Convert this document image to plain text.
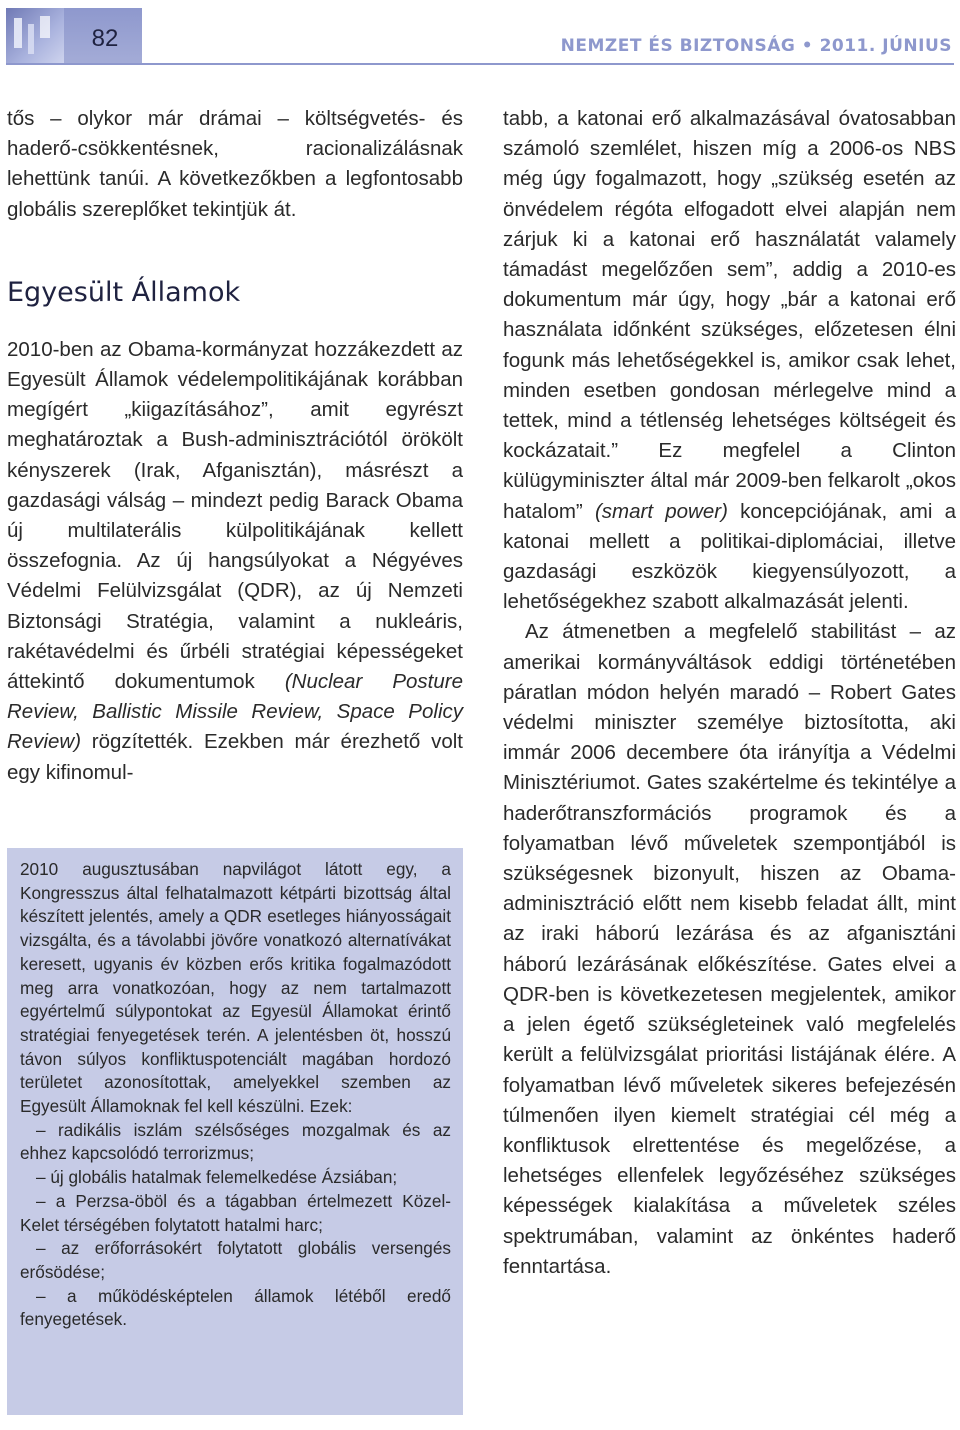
82	NEMZET ÉS BIZTONSÁG • 2011. JÚNIUS

tős – olykor már drámai – költségvetés- és haderő-csökkentésnek, racionalizálásnak lehettünk tanúi. A következőkben a legfontosabb globális szereplőket tekintjük át.

Egyesült Államok

2010-ben az Obama-kormányzat hozzákezdett az Egyesült Államok védelempolitikájának korábban megígért „kiigazításához”, amit egyrészt meghatároztak a Bush-adminisztrációtól örökölt kényszerek (Irak, Afganisztán), másrészt a gazdasági válság – mindezt pedig Barack Obama új multilaterális külpolitikájának kellett összefognia. Az új hangsúlyokat a Négyéves Védelmi Felülvizsgálat (QDR), az új Nemzeti Biztonsági Stratégia, valamint a nukleáris, rakétavédelmi és űrbéli stratégiai képességeket áttekintő dokumentumok (Nuclear Posture Review, Ballistic Missile Review, Space Policy Review) rögzítették. Ezekben már érezhető volt egy kifinomul-

2010 augusztusában napvilágot látott egy, a Kongresszus által felhatalmazott kétpárti bizottság által készített jelentés, amely a QDR esetleges hiányosságait vizsgálta, és a távolabbi jövőre vonatkozó alternatívákat keresett, ugyanis év közben erős kritika fogalmazódott meg arra vonatkozóan, hogy az nem tartalmazott egyértelmű súlypontokat az Egyesül Államokat érintő stratégiai fenyegetések terén. A jelentésben öt, hosszú távon súlyos konfliktuspotenciált magában hordozó területet azonosítottak, amelyekkel szemben az Egyesült Államoknak fel kell készülni. Ezek:

– radikális iszlám szélsőséges mozgalmak és az ehhez kapcsolódó terrorizmus;

– új globális hatalmak felemelkedése Ázsiában;

– a Perzsa-öböl és a tágabban értelmezett Közel-Kelet térségében folytatott hatalmi harc;

– az erőforrásokért folytatott globális versengés erősödése;

– a működésképtelen államok létéből eredő fenyegetések.

tabb, a katonai erő alkalmazásával óvatosabban számoló szemlélet, hiszen míg a 2006-os NBS még úgy fogalmazott, hogy „szükség esetén az önvédelem régóta elfogadott elvei alapján nem zárjuk ki a katonai erő használatát valamely támadást megelőzően sem”, addig a 2010-es dokumentum már úgy, hogy „bár a katonai erő használata időnként szükséges, előzetesen élni fogunk más lehetőségekkel is, amikor csak lehet, minden esetben gondosan mérlegelve mind a tettek, mind a tétlenség lehetséges költségeit és kockázatait.” Ez megfelel a Clinton külügyminiszter által már 2009-ben felkarolt „okos hatalom” (smart power) koncepciójának, ami a katonai mellett a politikai-diplomáciai, illetve gazdasági eszközök kiegyensúlyozott, a lehetőségekhez szabott alkalmazását jelenti.

Az átmenetben a megfelelő stabilitást – az amerikai kormányváltások eddigi történetében páratlan módon helyén maradó – Robert Gates védelmi miniszter személye biztosította, aki immár 2006 decembere óta irányítja a Védelmi Minisztériumot. Gates szakértelme és tekintélye a haderőtranszformációs programok és a folyamatban lévő műveletek szempontjából is szükségesnek bizonyult, hiszen az Obama-adminisztráció előtt nem kisebb feladat állt, mint az iraki háború lezárása és az afganisztáni háború lezárásának előkészítése. Gates elvei a QDR-ben is következetesen megjelentek, amikor a jelen égető szükségleteinek való megfelelés került a felülvizsgálat prioritási listájának élére. A folyamatban lévő műveletek sikeres befejezésén túlmenően ilyen kiemelt stratégiai cél még a konfliktusok elrettentése és megelőzése, a lehetséges ellenfelek legyőzéséhez szükséges képességek kialakítása a műveletek széles spektrumában, valamint az önkéntes haderő fenntartása.
